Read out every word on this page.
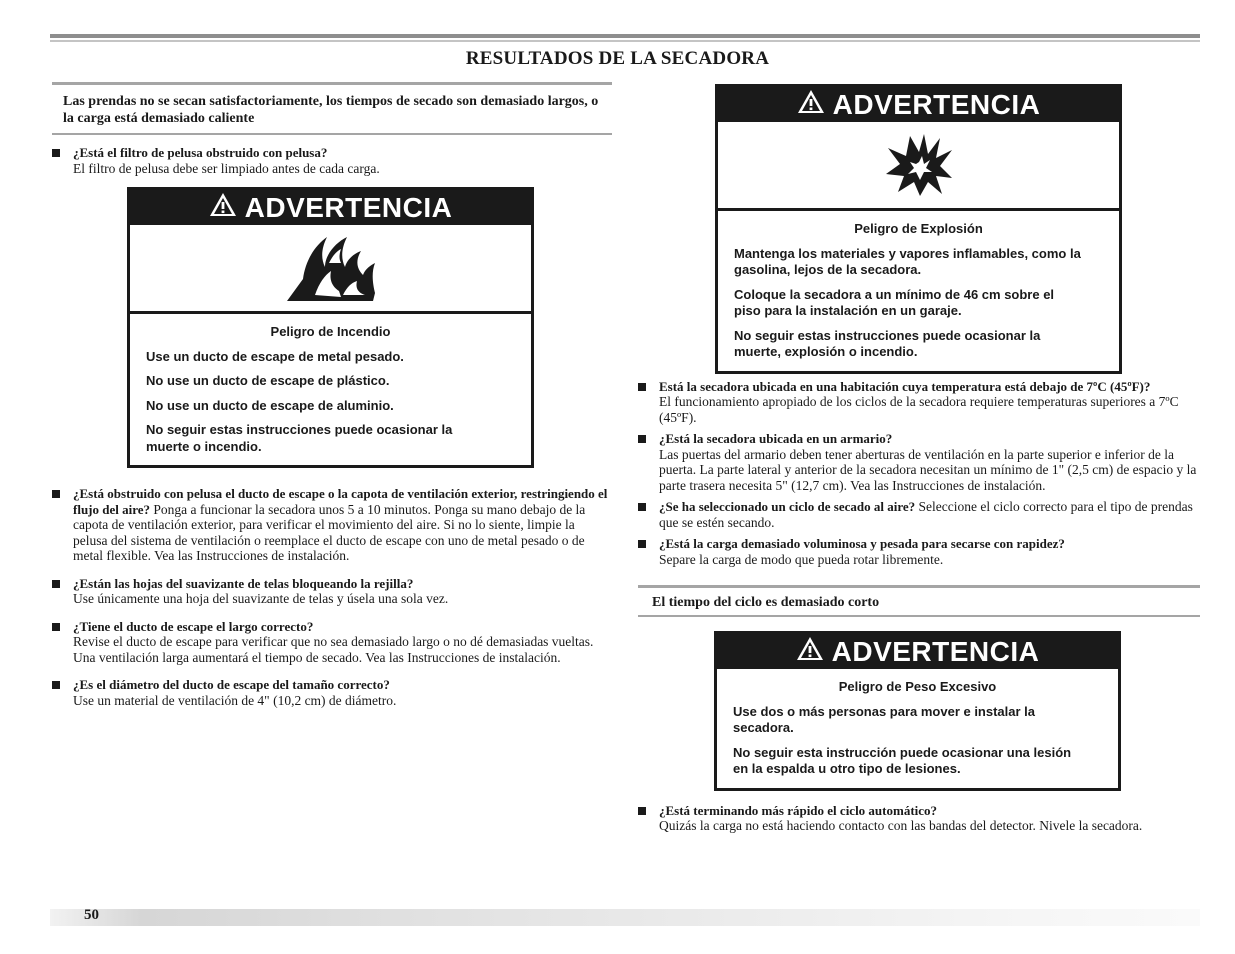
RESULTADOS DE LA SECADORA
Las prendas no se secan satisfactoriamente, los tiempos de secado son demasiado largos, o la carga está demasiado caliente
¿Está el filtro de pelusa obstruido con pelusa?
El filtro de pelusa debe ser limpiado antes de cada carga.
ADVERTENCIA
Peligro de Incendio

Use un ducto de escape de metal pesado.

No use un ducto de escape de plástico.

No use un ducto de escape de aluminio.

No seguir estas instrucciones puede ocasionar la muerte o incendio.

¿Está obstruido con pelusa el ducto de escape o la capota de ventilación exterior, restringiendo el flujo del aire? Ponga a funcionar la secadora unos 5 a 10 minutos. Ponga su mano debajo de la capota de ventilación exterior, para verificar el movimiento del aire. Si no lo siente, limpie la pelusa del sistema de ventilación o reemplace el ducto de escape con uno de metal pesado o de metal flexible. Vea las Instrucciones de instalación.
¿Están las hojas del suavizante de telas bloqueando la rejilla?
Use únicamente una hoja del suavizante de telas y úsela una sola vez.
¿Tiene el ducto de escape el largo correcto?
Revise el ducto de escape para verificar que no sea demasiado largo o no dé demasiadas vueltas. Una ventilación larga aumentará el tiempo de secado. Vea las Instrucciones de instalación.
¿Es el diámetro del ducto de escape del tamaño correcto?
Use un material de ventilación de 4" (10,2 cm) de diámetro.
ADVERTENCIA
Peligro de Explosión

Mantenga los materiales y vapores inflamables, como la gasolina, lejos de la secadora.

Coloque la secadora a un mínimo de 46 cm sobre el piso para la instalación en un garaje.

No seguir estas instrucciones puede ocasionar la muerte, explosión o incendio.

Está la secadora ubicada en una habitación cuya temperatura está debajo de 7ºC (45ºF)?
El funcionamiento apropiado de los ciclos de la secadora requiere temperaturas superiores a 7ºC (45ºF).
¿Está la secadora ubicada en un armario?
Las puertas del armario deben tener aberturas de ventilación en la parte superior e inferior de la puerta. La parte lateral y anterior de la secadora necesitan un mínimo de 1" (2,5 cm) de espacio y la parte trasera necesita 5" (12,7 cm). Vea las Instrucciones de instalación.
¿Se ha seleccionado un ciclo de secado al aire? Seleccione el ciclo correcto para el tipo de prendas que se estén secando.
¿Está la carga demasiado voluminosa y pesada para secarse con rapidez?
Separe la carga de modo que pueda rotar libremente.
El tiempo del ciclo es demasiado corto
ADVERTENCIA
Peligro de Peso Excesivo

Use dos o más personas para mover e instalar la secadora.

No seguir esta instrucción puede ocasionar una lesión en la espalda u otro tipo de lesiones.

¿Está terminando más rápido el ciclo automático?
Quizás la carga no está haciendo contacto con las bandas del detector. Nivele la secadora.
50
